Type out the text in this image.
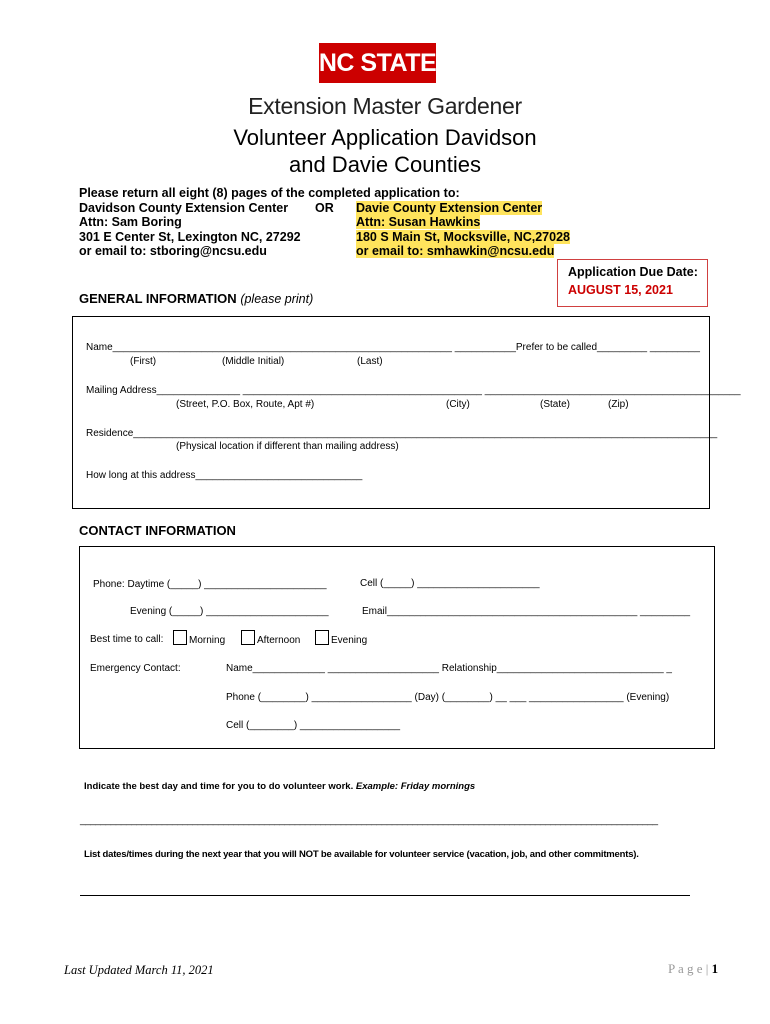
NC STATE
Extension Master Gardener
Volunteer Application Davidson
and Davie Counties
Please return all eight (8) pages of the completed application to:
Davidson County Extension Center
Attn: Sam Boring
301 E Center St, Lexington NC, 27292
or email to: stboring@ncsu.edu
OR Davie County Extension Center
Attn: Susan Hawkins
180 S Main St, Mocksville, NC,27028
or email to: smhawkin@ncsu.edu
Application Due Date:
AUGUST 15, 2021
GENERAL INFORMATION (please print)
Name_____________________________________________________________ ___________Prefer to be called_________ _________
(First)	(Middle Initial)	(Last)
Mailing Address_______________ ___________________________________________ ______________________________________________
(Street, P.O. Box, Route, Apt #)	(City)	(State)	(Zip)
Residence_________________________________________________________________________________________________________
(Physical location if different than mailing address)
How long at this address______________________________
CONTACT INFORMATION
Phone: Daytime (_____) ______________________	Cell (_____) ______________________
Evening (_____) ______________________	Email_____________________________________________ _________
Best time to call:	Morning	Afternoon	Evening
Emergency Contact:	Name_____________ ____________________ Relationship______________________________ _
Phone (________) __________________ (Day) (________) __ ___ _________________ (Evening)
Cell (________) __________________
Indicate the best day and time for you to do volunteer work. Example: Friday mornings
_________________________________________________________________________________________________________________
List dates/times during the next year that you will NOT be available for volunteer service (vacation, job, and other commitments).
Last Updated March 11, 2021	P a g e | 1
